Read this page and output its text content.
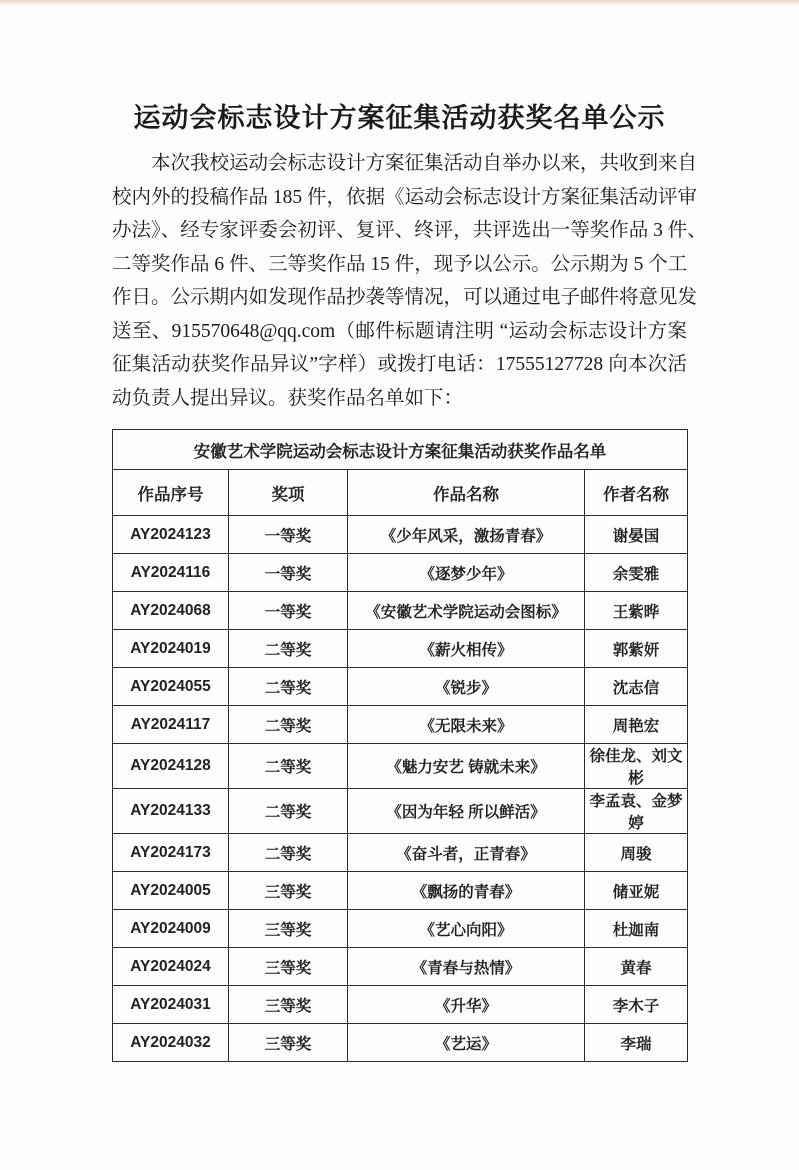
运动会标志设计方案征集活动获奖名单公示
本次我校运动会标志设计方案征集活动自举办以来，共收到来自
校内外的投稿作品 185 件，依据《运动会标志设计方案征集活动评审
办法》、经专家评委会初评、复评、终评，共评选出一等奖作品 3 件、
二等奖作品 6 件、三等奖作品 15 件，现予以公示。公示期为 5 个工
作日。公示期内如发现作品抄袭等情况，可以通过电子邮件将意见发
送至、915570648@qq.com（邮件标题请注明 “运动会标志设计方案
征集活动获奖作品异议”字样）或拨打电话：17555127728 向本次活
动负责人提出异议。获奖作品名单如下：
安徽艺术学院运动会标志设计方案征集活动获奖作品名单			
作品序号	奖项	作品名称	作者名称
AY2024123	一等奖	《少年风采，激扬青春》	谢晏国
AY2024116	一等奖	《逐梦少年》	余雯雅
AY2024068	一等奖	《安徽艺术学院运动会图标》	王紫晔
AY2024019	二等奖	《薪火相传》	郭紫妍
AY2024055	二等奖	《锐步》	沈志信
AY2024117	二等奖	《无限未来》	周艳宏
AY2024128	二等奖	《魅力安艺 铸就未来》	徐佳龙、刘文彬
AY2024133	二等奖	《因为年轻 所以鲜活》	李孟袁、金梦婷
AY2024173	二等奖	《奋斗者，正青春》	周骏
AY2024005	三等奖	《飘扬的青春》	储亚妮
AY2024009	三等奖	《艺心向阳》	杜迦南
AY2024024	三等奖	《青春与热情》	黄春
AY2024031	三等奖	《升华》	李木子
AY2024032	三等奖	《艺运》	李瑞
